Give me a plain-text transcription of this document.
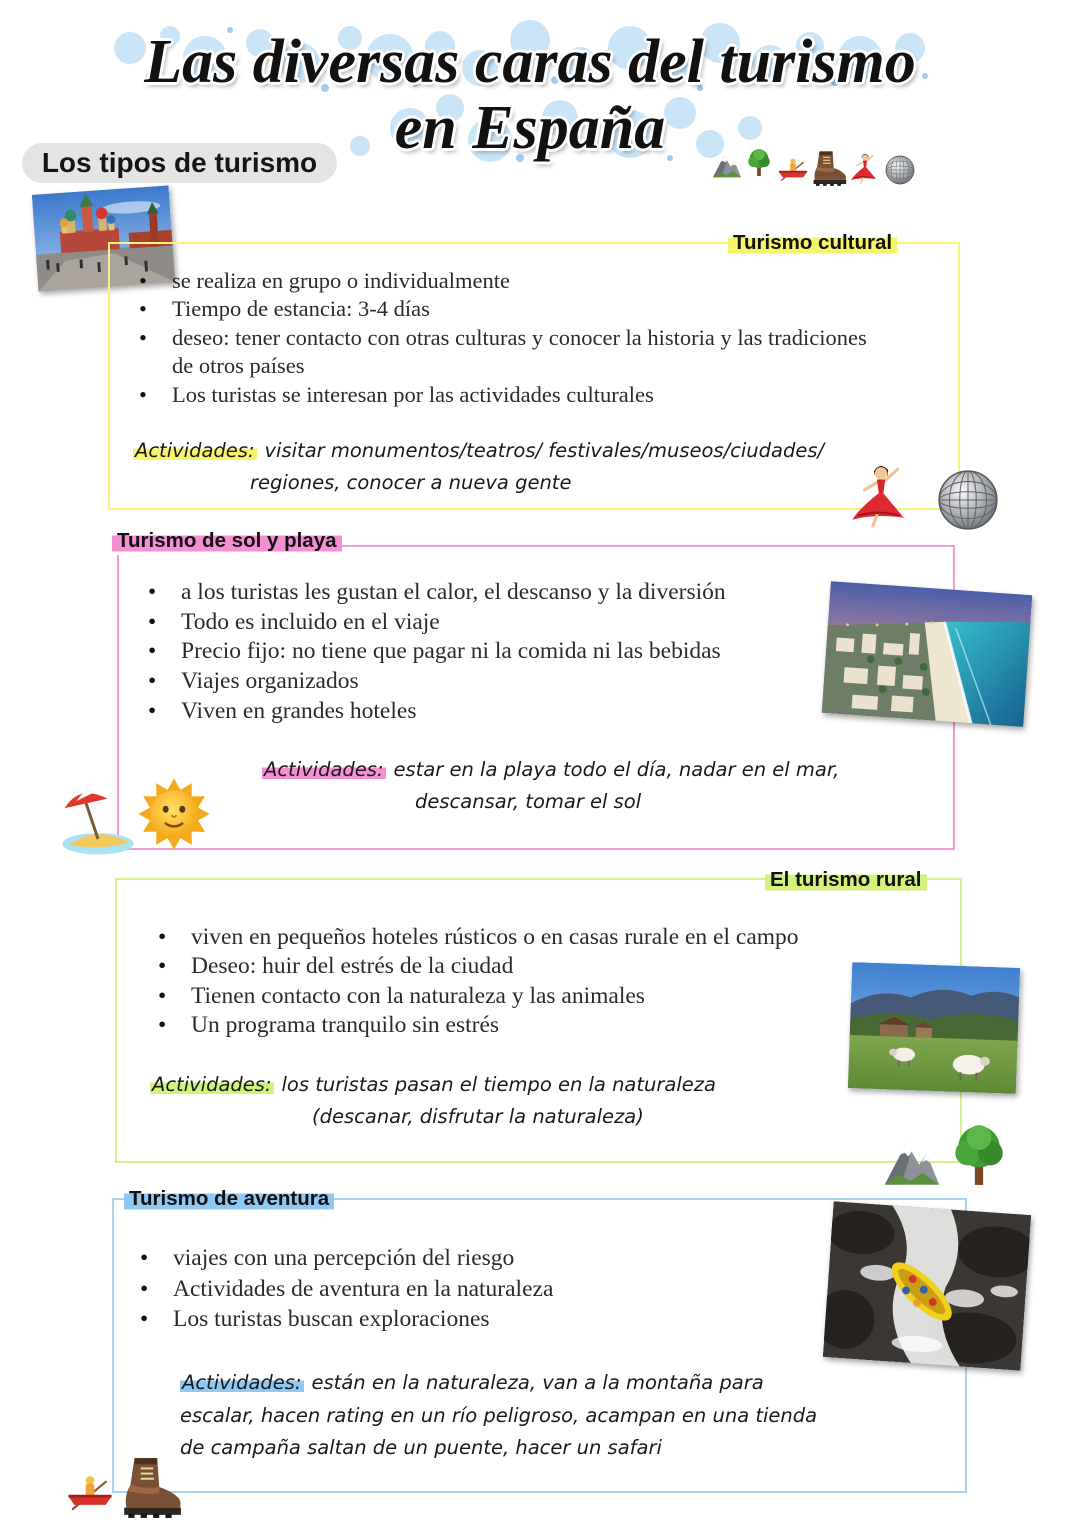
Las diversas caras del turismo
en España
Los tipos de turismo
Turismo cultural
• se realiza en grupo o individualmente
• Tiempo de estancia: 3-4 días
• deseo: tener contacto con otras culturas y conocer la historia y las tradiciones de otros países
• Los turistas se interesan por las actividades culturales
Actividades: visitar monumentos/teatros/ festivales/museos/ciudades/
regiones, conocer a nueva gente
Turismo de sol y playa
• a los turistas les gustan el calor, el descanso y la diversión
• Todo es incluido en el viaje
• Precio fijo: no tiene que pagar ni la comida ni las bebidas
• Viajes organizados
• Viven en grandes hoteles
Actividades: estar en la playa todo el día, nadar en el mar,
descansar, tomar el sol
El turismo rural
• viven en pequeños hoteles rústicos o en casas rurale en el campo
• Deseo: huir del estrés de la ciudad
• Tienen contacto con la naturaleza y las animales
• Un programa tranquilo sin estrés
Actividades: los turistas pasan el tiempo en la naturaleza
(descanar, disfrutar la naturaleza)
Turismo de aventura
• viajes con una percepción del riesgo
• Actividades de aventura en la naturaleza
• Los turistas buscan exploraciones
Actividades: están en la naturaleza, van a la montaña para
escalar, hacen rating en un río peligroso, acampan en una tienda
de campaña saltan de un puente, hacer un safari
